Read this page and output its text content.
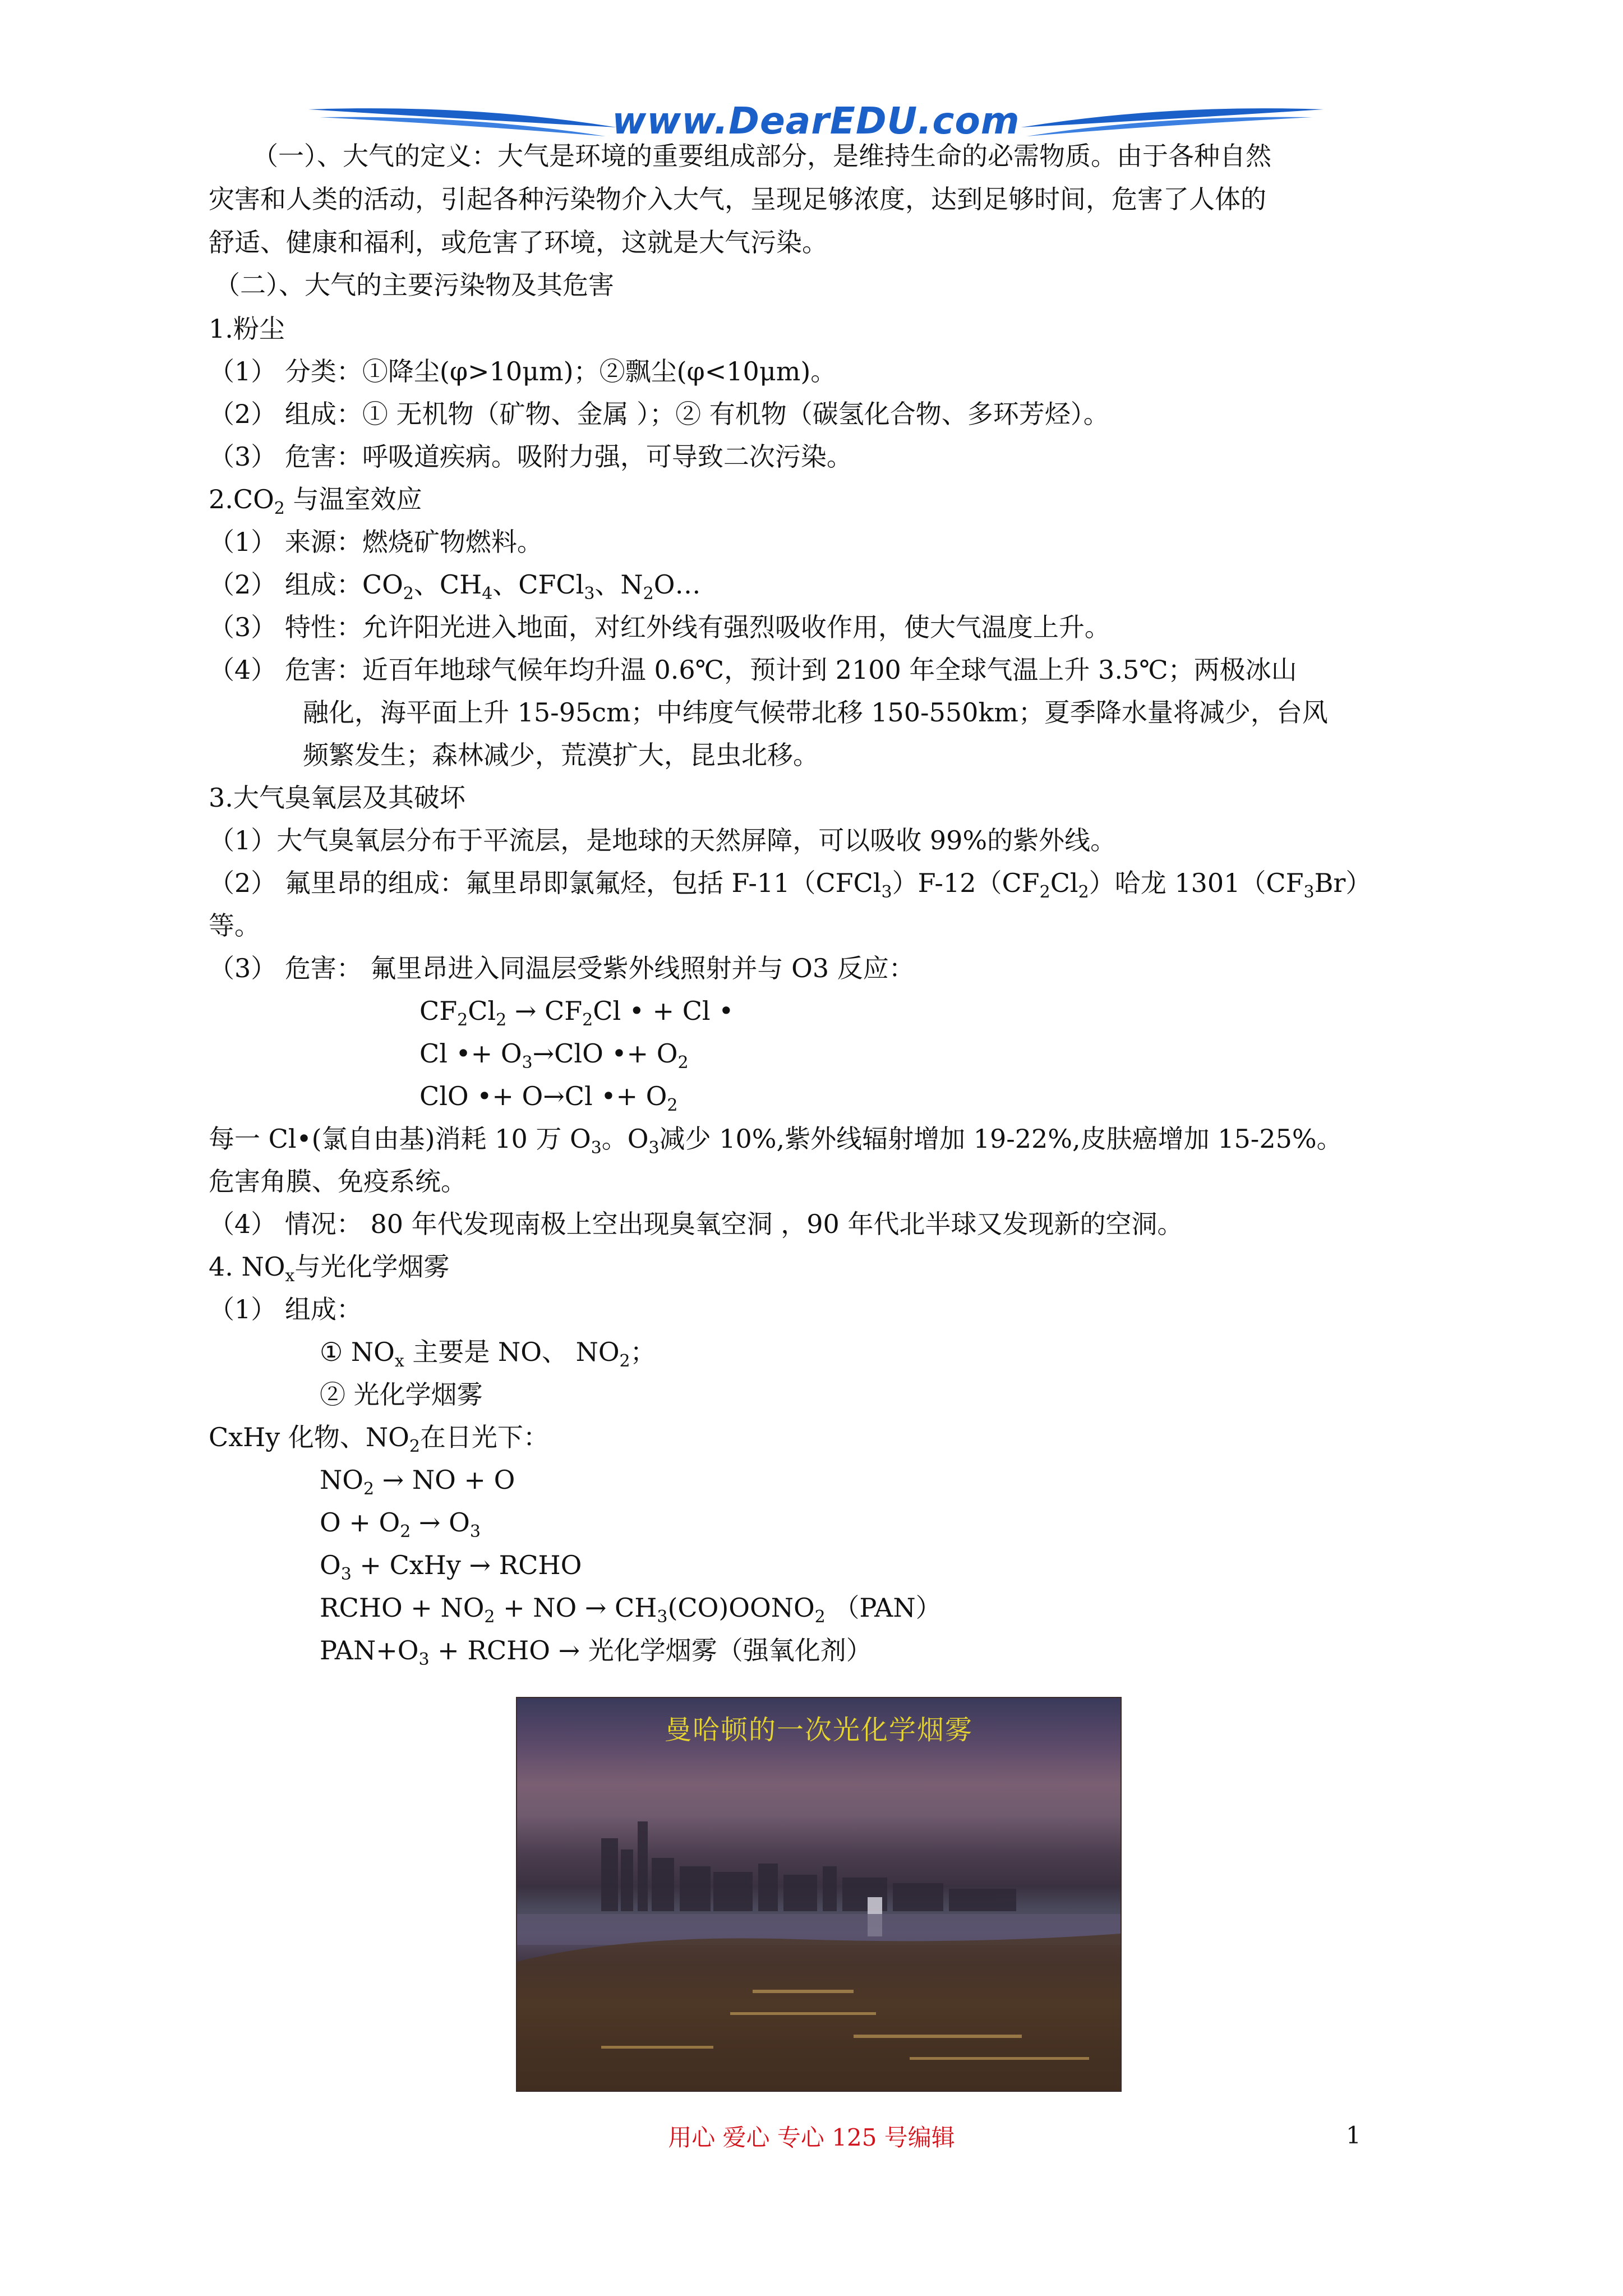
www.DearEDU.com
（一）、大气的定义：大气是环境的重要组成部分，是维持生命的必需物质。由于各种自然
灾害和人类的活动，引起各种污染物介入大气，呈现足够浓度，达到足够时间，危害了人体的
舒适、健康和福利，或危害了环境，这就是大气污染。
（二）、大气的主要污染物及其危害
1.粉尘
（1） 分类：①降尘(φ>10μm)；②飘尘(φ<10μm)。
（2） 组成：① 无机物（矿物、金属 ）；② 有机物（碳氢化合物、多环芳烃）。
（3） 危害：呼吸道疾病。吸附力强，可导致二次污染。
$2.CO_2$ 与温室效应
（1） 来源：燃烧矿物燃料。
（2） 组成：$CO_2$、$CH_4$、CFCl$_3$、$N_2O\dots$
（3） 特性：允许阳光进入地面，对红外线有强烈吸收作用，使大气温度上升。
（4） 危害：近百年地球气候年均升温 0.6℃，预计到 2100 年全球气温上升 3.5℃；两极冰山
融化，海平面上升 15-95cm；中纬度气候带北移 150-550km；夏季降水量将减少，台风
频繁发生；森林减少，荒漠扩大，昆虫北移。
3.大气臭氧层及其破坏
（1）大气臭氧层分布于平流层，是地球的天然屏障，可以吸收 99%的紫外线。
（2） 氟里昂的组成：氟里昂即氯氟烃，包括 $F-11(CFCl_3)F-12(CF_2Cl_2)$哈龙 $1301(CF_3Br)$
等。
（3） 危害： 氟里昂进入同温层受紫外线照射并与 O3 反应：
$CF_2Cl_2 \to CF_2Cl$ • + Cl •
Cl •+ $O_3\to ClO$ •+ $O_2$
ClO •+ O→Cl •+ $O_2$
每一 Cl•(氯自由基)消耗 10 万 $O_3$。$O_3$减少 10%,紫外线辐射增加 19-22%,皮肤癌增加 15-25%。
危害角膜、免疫系统。
（4） 情况： 80 年代发现南极上空出现臭氧空洞 ，90 年代北半球又发现新的空洞。
4. $NO_x$与光化学烟雾
（1） 组成：
① $NO_x$ 主要是 NO、 $NO_2$；
② 光化学烟雾
CxHy 化物、$NO_2$在日光下：
$NO_2$ → NO + O
$O + O_2 \to O_3$
$O_3$ + CxHy → RCHO
RCHO + $NO_2$ + NO → $CH_3(CO)OONO_2$ （PAN）
$PAN+O_3$ + RCHO → 光化学烟雾（强氧化剂）
曼哈顿的一次光化学烟雾
用心 爱心 专心 125 号编辑	1
